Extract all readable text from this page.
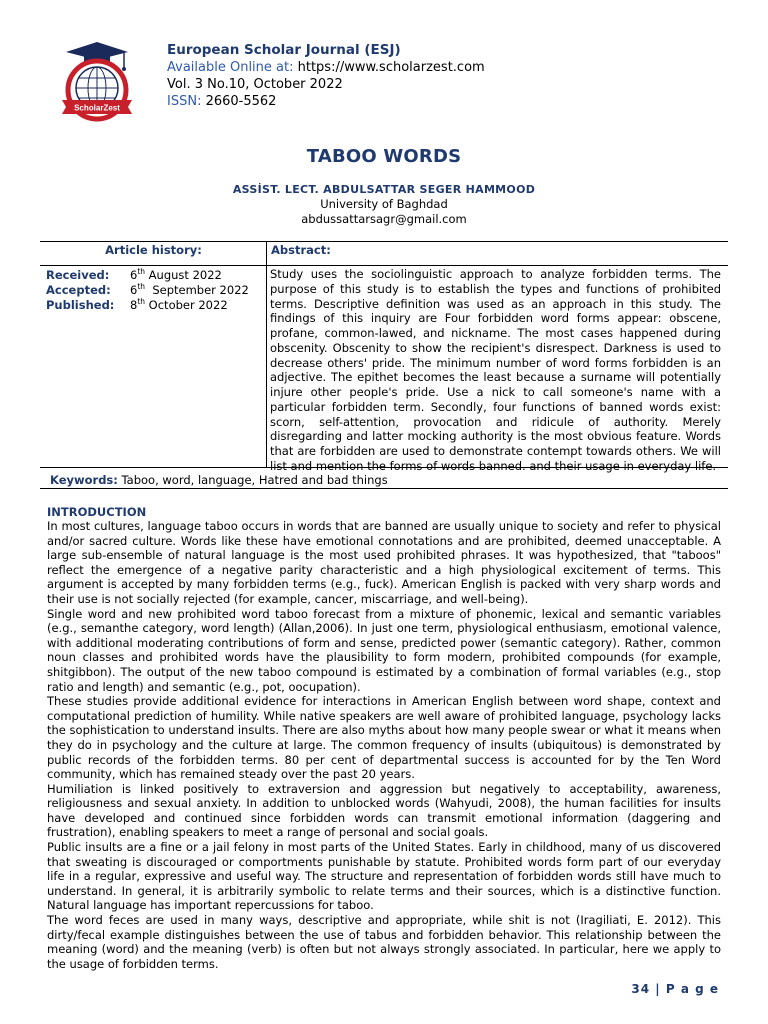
ScholarZest
European Scholar Journal (ESJ)
Available Online at: https://www.scholarzest.com
Vol. 3 No.10, October 2022
ISSN: 2660-5562
TABOO WORDS
ASSİST. LECT. ABDULSATTAR SEGER HAMMOOD
University of Baghdad
abdussattarsagr@gmail.com
Article history:	Abstract:
Received: 6th August 2022
Accepted: 6th  September 2022
Published: 8th October 2022
Study uses the sociolinguistic approach to analyze forbidden terms. The purpose of this study is to establish the types and functions of prohibited terms. Descriptive definition was used as an approach in this study. The findings of this inquiry are Four forbidden word forms appear: obscene, profane, common-lawed, and nickname. The most cases happened during obscenity. Obscenity to show the recipient's disrespect. Darkness is used to decrease others' pride. The minimum number of word forms forbidden is an adjective. The epithet becomes the least because a surname will potentially injure other people's pride. Use a nick to call someone's name with a particular forbidden term. Secondly, four functions of banned words exist: scorn, self-attention, provocation and ridicule of authority. Merely disregarding and latter mocking authority is the most obvious feature. Words that are forbidden are used to demonstrate contempt towards others. We will list and mention the forms of words banned. and their usage in everyday life.
Keywords: Taboo, word, language, Hatred and bad things
INTRODUCTION

In most cultures, language taboo occurs in words that are banned are usually unique to society and refer to physical and/or sacred culture. Words like these have emotional connotations and are prohibited, deemed unacceptable. A large sub-ensemble of natural language is the most used prohibited phrases. It was hypothesized, that "taboos" reflect the emergence of a negative parity characteristic and a high physiological excitement of terms. This argument is accepted by many forbidden terms (e.g., fuck). American English is packed with very sharp words and their use is not socially rejected (for example, cancer, miscarriage, and well-being).

Single word and new prohibited word taboo forecast from a mixture of phonemic, lexical and semantic variables (e.g., semanthe category, word length) (Allan,2006). In just one term, physiological enthusiasm, emotional valence, with additional moderating contributions of form and sense, predicted power (semantic category). Rather, common noun classes and prohibited words have the plausibility to form modern, prohibited compounds (for example, shitgibbon). The output of the new taboo compound is estimated by a combination of formal variables (e.g., stop ratio and length) and semantic (e.g., pot, oocupation).

These studies provide additional evidence for interactions in American English between word shape, context and computational prediction of humility. While native speakers are well aware of prohibited language, psychology lacks the sophistication to understand insults. There are also myths about how many people swear or what it means when they do in psychology and the culture at large. The common frequency of insults (ubiquitous) is demonstrated by public records of the forbidden terms. 80 per cent of departmental success is accounted for by the Ten Word community, which has remained steady over the past 20 years.

Humiliation is linked positively to extraversion and aggression but negatively to acceptability, awareness, religiousness and sexual anxiety. In addition to unblocked words (Wahyudi, 2008), the human facilities for insults have developed and continued since forbidden words can transmit emotional information (daggering and frustration), enabling speakers to meet a range of personal and social goals.

Public insults are a fine or a jail felony in most parts of the United States. Early in childhood, many of us discovered that sweating is discouraged or comportments punishable by statute. Prohibited words form part of our everyday life in a regular, expressive and useful way. The structure and representation of forbidden words still have much to understand. In general, it is arbitrarily symbolic to relate terms and their sources, which is a distinctive function. Natural language has important repercussions for taboo.

The word feces are used in many ways, descriptive and appropriate, while shit is not (Iragiliati, E. 2012). This dirty/fecal example distinguishes between the use of tabus and forbidden behavior. This relationship between the meaning (word) and the meaning (verb) is often but not always strongly associated. In particular, here we apply to the usage of forbidden terms.

34 | P a g e
